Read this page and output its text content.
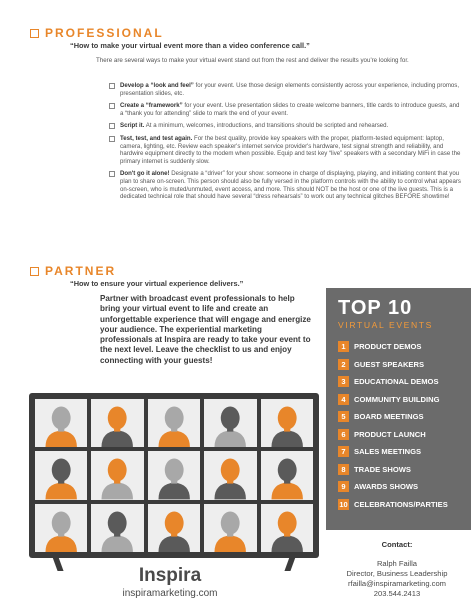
PROFESSIONAL
“How to make your virtual event more than a video conference call.”
There are several ways to make your virtual event stand out from the rest and deliver the results you're looking for.
Develop a “look and feel” for your event. Use those design elements consistently across your experience, including promos, presentation slides, etc.
Create a “framework” for your event. Use presentation slides to create welcome banners, title cards to introduce guests, and a “thank you for attending” slide to mark the end of your event.
Script it. At a minimum, welcomes, introductions, and transitions should be scripted and rehearsed.
Test, test, and test again. For the best quality, provide key speakers with the proper, platform-tested equipment: laptop, camera, lighting, etc. Review each speaker's internet service provider's hardware, test signal strength and reliability, and hardwire equipment directly to the modem when possible. Equip and test key “live” speakers with a secondary MiFi in case the primary internet is suddenly slow.
Don't go it alone! Designate a “driver” for your show: someone in charge of displaying, playing, and initiating content that you plan to share on-screen. This person should also be fully versed in the platform controls with the ability to control what appears on-screen, who is muted/unmuted, event access, and more. This should NOT be the host or one of the live guests. This is a dedicated technical role that should have several “dress rehearsals” to work out any technical glitches BEFORE showtime!
PARTNER
“How to ensure your virtual experience delivers.”
Partner with broadcast event professionals to help bring your virtual event to life and create an unforgettable experience that will engage and energize your audience. The experiential marketing professionals at Inspira are ready to take your event to the next level. Leave the checklist to us and enjoy connecting with your guests!
TOP 10
VIRTUAL EVENTS
1	PRODUCT DEMOS
2	GUEST SPEAKERS
3	EDUCATIONAL DEMOS
4	COMMUNITY BUILDING
5	BOARD MEETINGS
6	PRODUCT LAUNCH
7	SALES MEETINGS
8	TRADE SHOWS
9	AWARDS SHOWS
10 CELEBRATIONS/PARTIES
Inspira
inspiramarketing.com
Contact:
Ralph Failla
Director, Business Leadership
rfailla@inspiramarketing.com
203.544.2413
